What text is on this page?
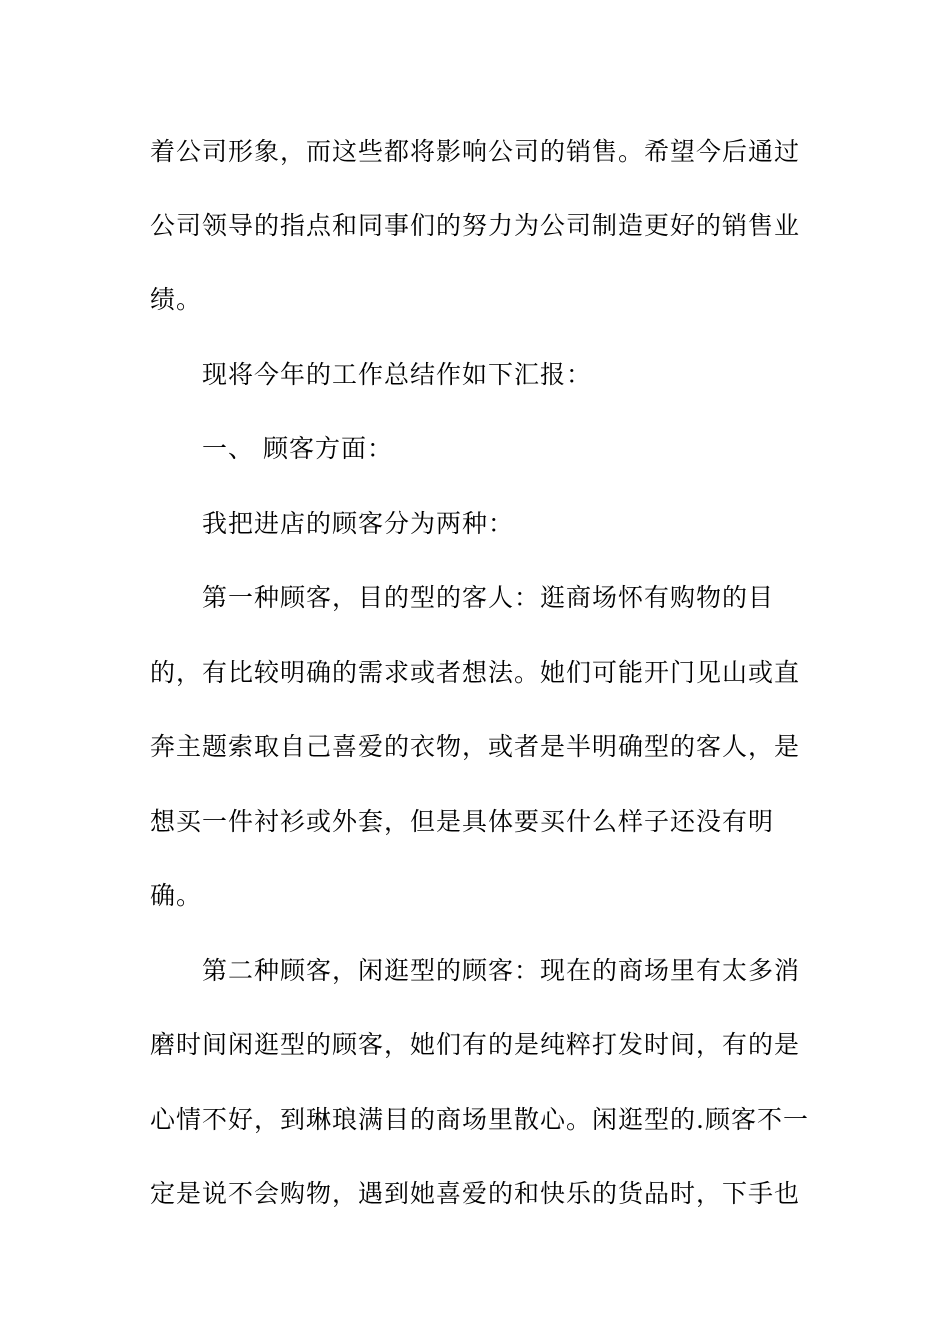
着公司形象，而这些都将影响公司的销售。希望今后通过
公司领导的指点和同事们的努力为公司制造更好的销售业
绩。
现将今年的工作总结作如下汇报：
一、 顾客方面：
我把进店的顾客分为两种：
第一种顾客，目的型的客人：逛商场怀有购物的目
的，有比较明确的需求或者想法。她们可能开门见山或直
奔主题索取自己喜爱的衣物，或者是半明确型的客人，是
想买一件衬衫或外套，但是具体要买什么样子还没有明
确。
第二种顾客，闲逛型的顾客：现在的商场里有太多消
磨时间闲逛型的顾客，她们有的是纯粹打发时间，有的是
心情不好，到琳琅满目的商场里散心。闲逛型的.顾客不一
定是说不会购物，遇到她喜爱的和快乐的货品时，下手也
